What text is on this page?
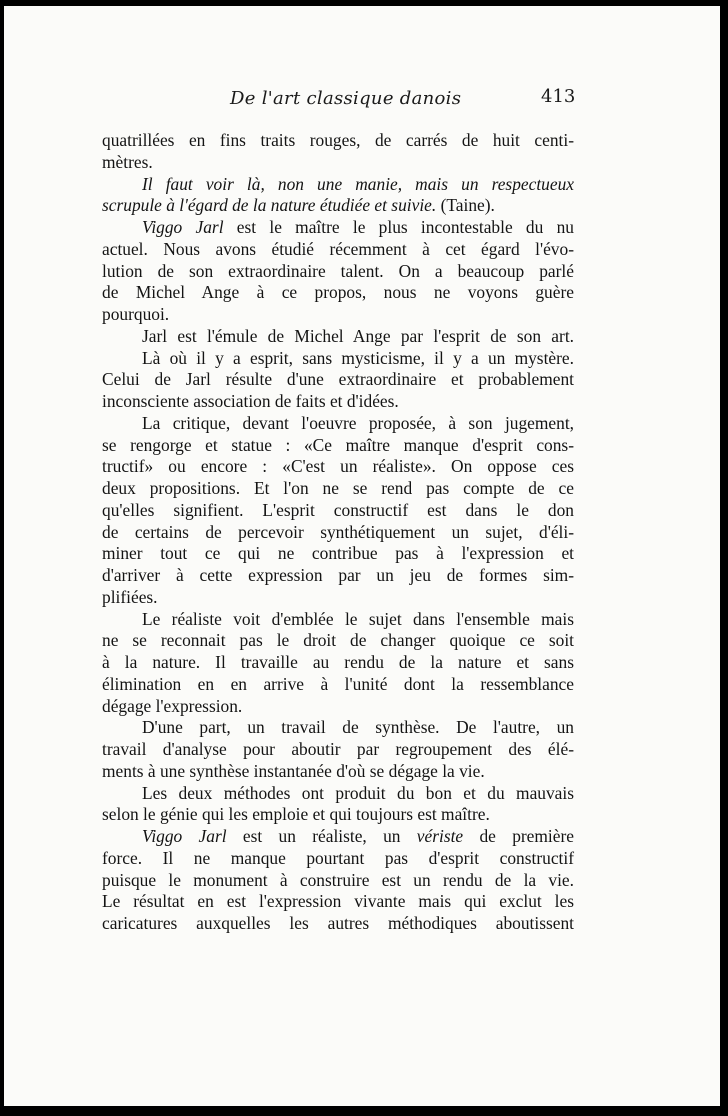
De l'art classique danois	413
quatrillées en fins traits rouges, de carrés de huit centi-
mètres.
Il faut voir là, non une manie, mais un respectueux
scrupule à l'égard de la nature étudiée et suivie. (Taine).
Viggo Jarl est le maître le plus incontestable du nu
actuel. Nous avons étudié récemment à cet égard l'évo-
lution de son extraordinaire talent. On a beaucoup parlé
de Michel Ange à ce propos, nous ne voyons guère
pourquoi.
Jarl est l'émule de Michel Ange par l'esprit de son art.
Là où il y a esprit, sans mysticisme, il y a un mystère.
Celui de Jarl résulte d'une extraordinaire et probablement
inconsciente association de faits et d'idées.
La critique, devant l'oeuvre proposée, à son jugement,
se rengorge et statue : «Ce maître manque d'esprit cons-
tructif» ou encore : «C'est un réaliste». On oppose ces
deux propositions. Et l'on ne se rend pas compte de ce
qu'elles signifient. L'esprit constructif est dans le don
de certains de percevoir synthétiquement un sujet, d'éli-
miner tout ce qui ne contribue pas à l'expression et
d'arriver à cette expression par un jeu de formes sim-
plifiées.
Le réaliste voit d'emblée le sujet dans l'ensemble mais
ne se reconnait pas le droit de changer quoique ce soit
à la nature. Il travaille au rendu de la nature et sans
élimination en en arrive à l'unité dont la ressemblance
dégage l'expression.
D'une part, un travail de synthèse. De l'autre, un
travail d'analyse pour aboutir par regroupement des élé-
ments à une synthèse instantanée d'où se dégage la vie.
Les deux méthodes ont produit du bon et du mauvais
selon le génie qui les emploie et qui toujours est maître.
Viggo Jarl est un réaliste, un vériste de première
force. Il ne manque pourtant pas d'esprit constructif
puisque le monument à construire est un rendu de la vie.
Le résultat en est l'expression vivante mais qui exclut les
caricatures auxquelles les autres méthodiques aboutissent
